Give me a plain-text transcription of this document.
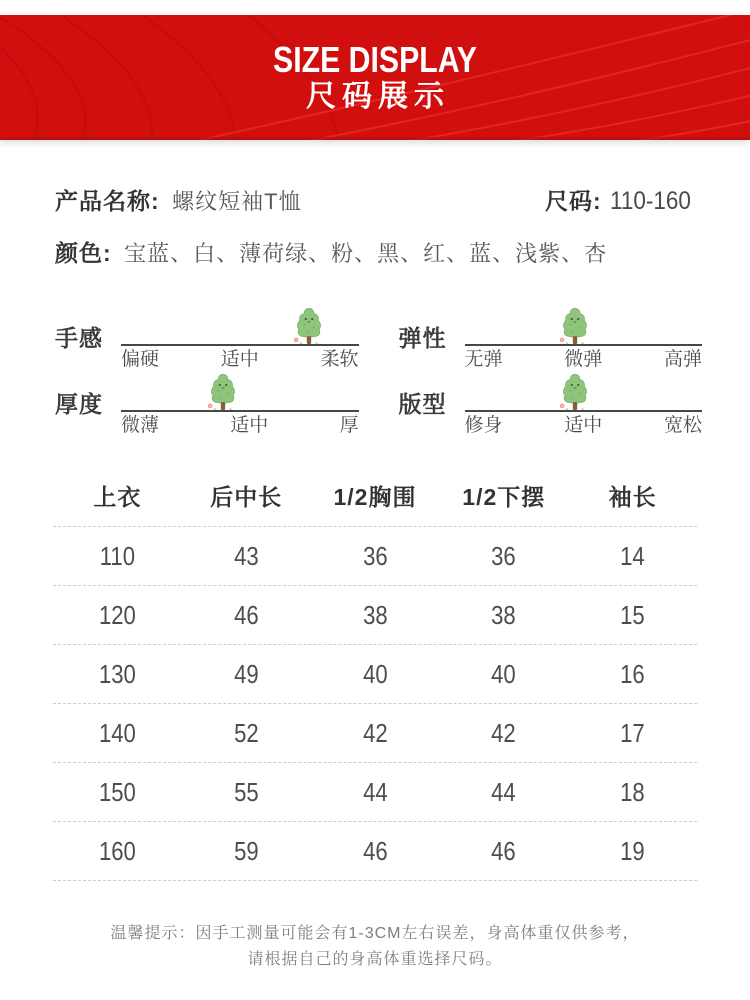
SIZE DISPLAY
尺码展示
产品名称: 螺纹短袖T恤	尺码: 110-160
颜色: 宝蓝、白、薄荷绿、粉、黑、红、蓝、浅紫、杏
手感
偏硬	适中	柔软
弹性
无弹	微弹	高弹
厚度
微薄	适中	厚
版型
修身	适中	宽松
上衣	后中长	1/2胸围	1/2下摆	袖长
110	43	36	36	14
120	46	38	38	15
130	49	40	40	16
140	52	42	42	17
150	55	44	44	18
160	59	46	46	19
温馨提示：因手工测量可能会有1-3CM左右误差，身高体重仅供参考，
请根据自己的身高体重选择尺码。
